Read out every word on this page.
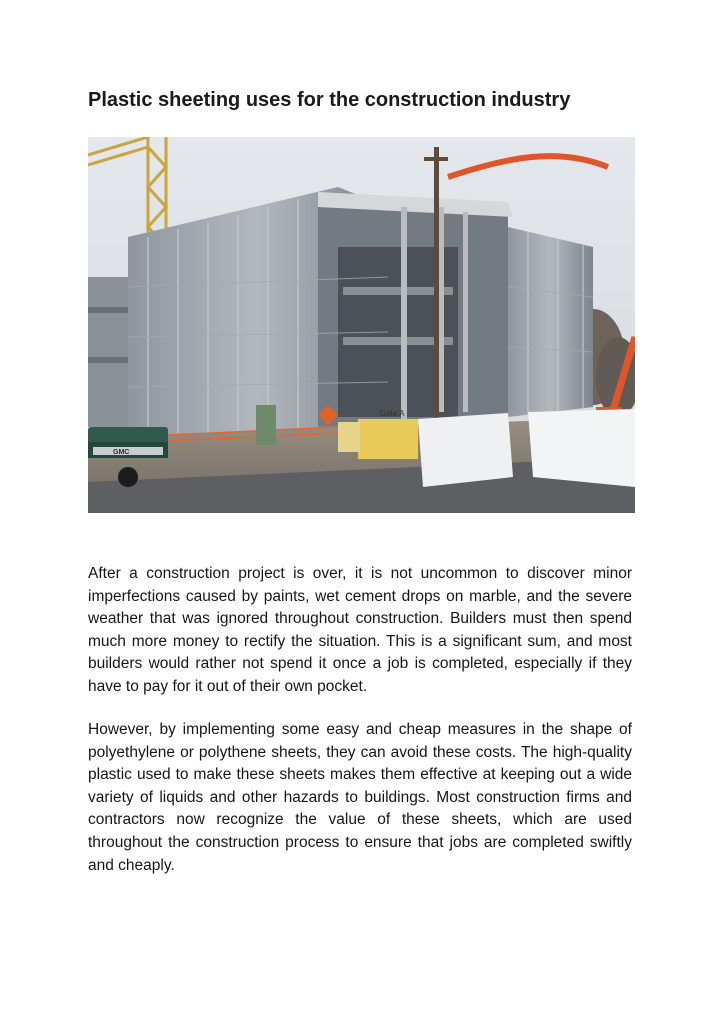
Plastic sheeting uses for the construction industry
Gate A
GMC

After a construction project is over, it is not uncommon to discover minor imperfections caused by paints, wet cement drops on marble, and the severe weather that was ignored throughout construction. Builders must then spend much more money to rectify the situation. This is a significant sum, and most builders would rather not spend it once a job is completed, especially if they have to pay for it out of their own pocket.

However, by implementing some easy and cheap measures in the shape of polyethylene or polythene sheets, they can avoid these costs. The high-quality plastic used to make these sheets makes them effective at keeping out a wide variety of liquids and other hazards to buildings. Most construction firms and contractors now recognize the value of these sheets, which are used throughout the construction process to ensure that jobs are completed swiftly and cheaply.
